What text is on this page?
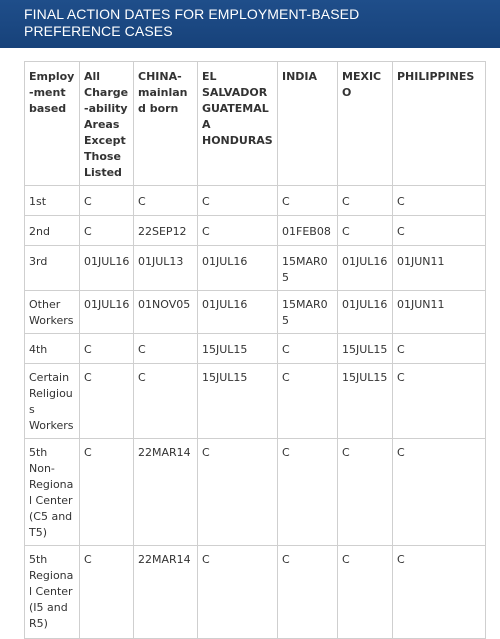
FINAL ACTION DATES FOR EMPLOYMENT-BASED
PREFERENCE CASES
Employ-ment based	All Charge-ability Areas Except Those Listed	CHINA-mainland born	EL SALVADOR GUATEMALA HONDURAS	INDIA	MEXICO	PHILIPPINES
1st	C	C	C	C	C	C
2nd	C	22SEP12	C	01FEB08	C	C
3rd	01JUL16	01JUL13	01JUL16	15MAR05	01JUL16	01JUN11
Other Workers	01JUL16	01NOV05	01JUL16	15MAR05	01JUL16	01JUN11
4th	C	C	15JUL15	C	15JUL15	C
Certain Religious Workers	C	C	15JUL15	C	15JUL15	C
5th Non-Regional Center (C5 and T5)	C	22MAR14	C	C	C	C
5th Regional Center (I5 and R5)	C	22MAR14	C	C	C	C
